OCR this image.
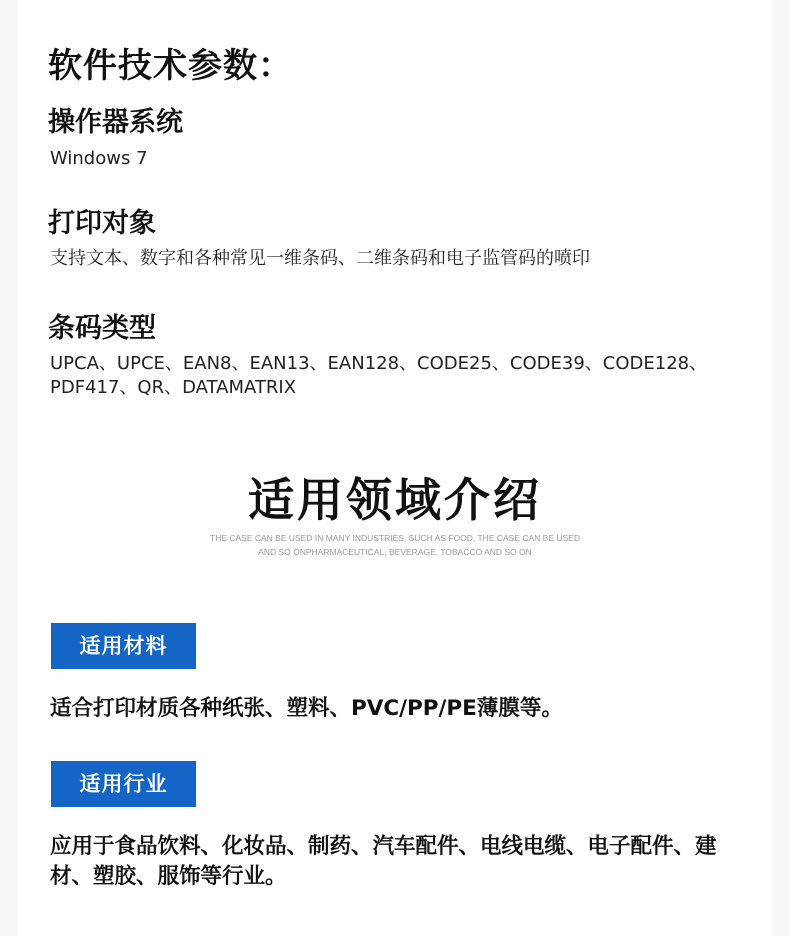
软件技术参数：
操作器系统
Windows 7
打印对象
支持文本、数字和各种常见一维条码、二维条码和电子监管码的喷印
条码类型
UPCA、UPCE、EAN8、EAN13、EAN128、CODE25、CODE39、CODE128、
PDF417、QR、DATAMATRIX
适用领域介绍
THE CASE CAN BE USED IN MANY INDUSTRIES, SUCH AS FOOD, THE CASE CAN BE USED
AND SO ONPHARMACEUTICAL, BEVERAGE, TOBACCO AND SO ON
适用材料
适合打印材质各种纸张、塑料、PVC/PP/PE薄膜等。
适用行业
应用于食品饮料、化妆品、制药、汽车配件、电线电缆、电子配件、建
材、塑胶、服饰等行业。
